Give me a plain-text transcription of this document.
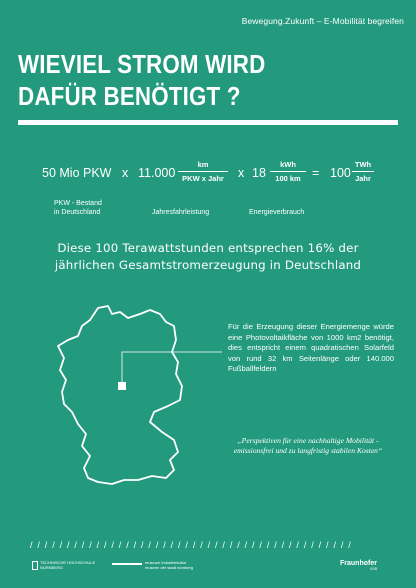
Bewegung.Zukunft – E-Mobilität begreifen
WIEVIEL STROM WIRD
DAFÜR BENÖTIGT ?
50 Mio PKW x 11.000
km
PKW x Jahr	x 18
kWh
100 km = 100
TWh
Jahr
PKW - Bestand
in Deutschland	Jahresfahrleistung	Energieverbrauch
Diese 100 Terawattstunden entsprechen 16% der
jährlichen Gesamtstromerzeugung in Deutschland
Für die Erzeugung dieser Energiemenge würde eine Photovoltaikfläche von 1000 km2 benötigt, dies entspricht einem quadratischen Solarfeld von rund 32 km Seitenlänge oder 140.000 Fußballfeldern
„Perspektiven für eine nachhaltige Mobilität - emissionsfrei und zu langfristig stabilen Kosten“
/ / / / / / / / / / / / / / / / / / / / / / / / / / / / / / / / / / / / / / / / / / / /
TECHNISCHE HOCHSCHULE
NÜRNBERG
museum industriekultur
museen der stadt nürnberg	Fraunhofer
IISB
